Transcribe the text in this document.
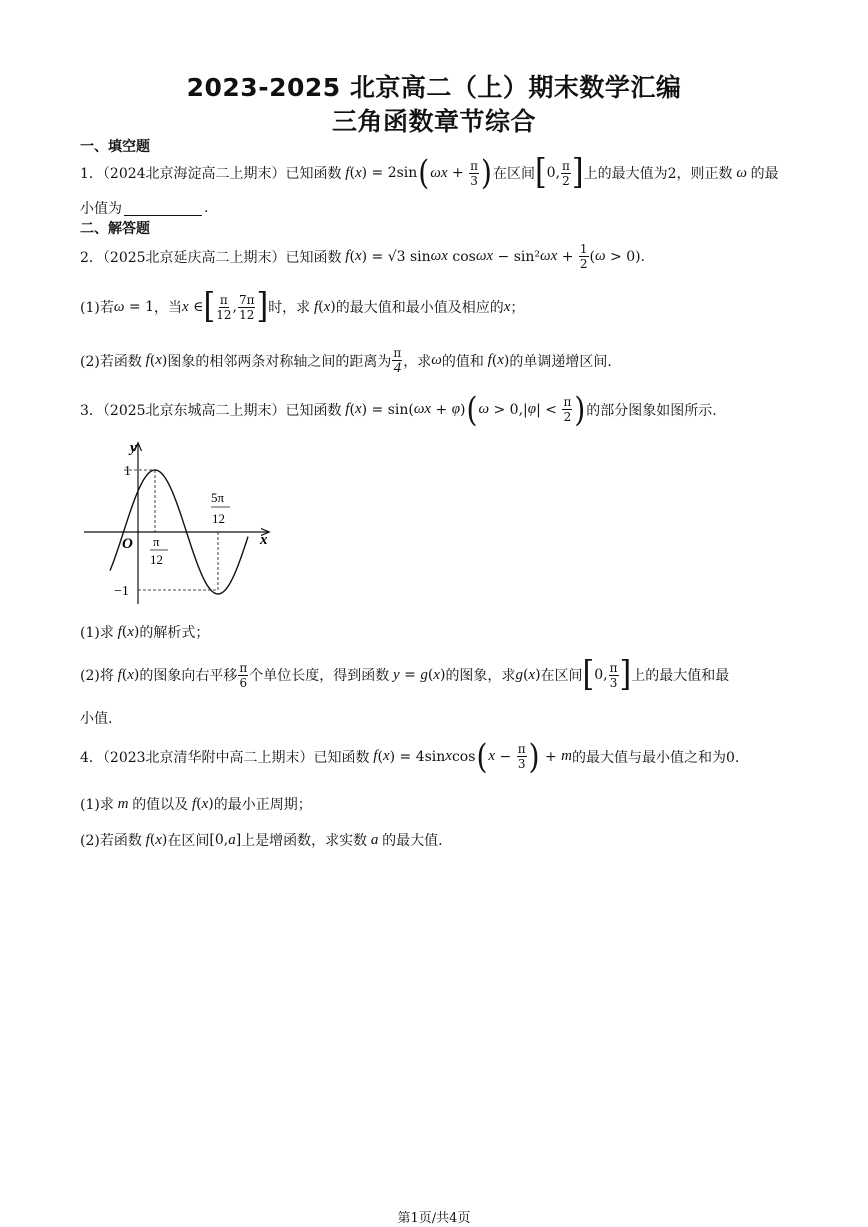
2023-2025 北京高二（上）期末数学汇编
三角函数章节综合
一、填空题
1．（2024北京海淀高二上期末）已知函数 f ( x ) = 2sin ( $\omega x + \frac{\pi}{3}$ ) 在区间 [ 0, $\frac{\pi}{2}$ ] 上的最大值为2，则正数 ω 的最
小值为	.
二、解答题
2．（2025北京延庆高二上期末）已知函数 f ( x ) = √3 sin ωx cos ωx − sin² $\omega x + \frac{1}{2}$ ( ω > 0).
(1)若 ω = 1 ，当 x ∈ [ $\frac{\pi}{12}$ , $\frac{7\pi}{12}$ ] 时，求 f ( x ) 的最大值和最小值及相应的 x ；
(2)若函数 f ( x ) 图象的相邻两条对称轴之间的距离为 $\frac{\pi}{4}$ ，求 ω 的值和 f ( x ) 的单调递增区间.
3．（2025北京东城高二上期末）已知函数 f ( x ) = sin( ωx + φ ) ( ω > 0,| φ | < $\frac{\pi}{2}$ ) 的部分图象如图所示.
y
x
O
1
−1
π
12
5π
12
(1)求 f ( x ) 的解析式；
(2)将 f ( x ) 的图象向右平移 $\frac{\pi}{6}$ 个单位长度，得到函数 y = g ( x ) 的图象，求 g ( x ) 在区间 [ 0, $\frac{\pi}{3}$ ] 上的最大值和最
小值.
4．（2023北京清华附中高二上期末）已知函数 f ( x ) = 4sin x cos ( $x - \frac{\pi}{3}$ ) + m 的最大值与最小值之和为0.
(1)求 m 的值以及 f ( x ) 的最小正周期；
(2)若函数 f ( x ) 在区间 [0, a ] 上是增函数，求实数 a 的最大值.
第1页/共4页
